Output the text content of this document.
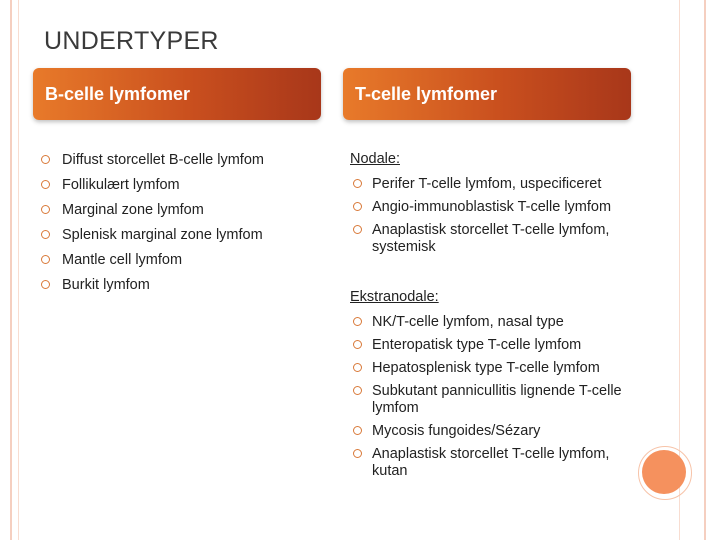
UNDERTYPER
B-celle lymfomer	T-celle lymfomer
Diffust storcellet B-celle lymfom
Follikulært lymfom
Marginal zone lymfom
Splenisk marginal zone lymfom
Mantle cell lymfom
Burkit lymfom
Nodale:
Perifer T-celle lymfom, uspecificeret
Angio-immunoblastisk T-celle lymfom
Anaplastisk storcellet T-celle lymfom, systemisk
Ekstranodale:
NK/T-celle lymfom, nasal type
Enteropatisk type T-celle lymfom
Hepatosplenisk type T-celle lymfom
Subkutant pannicullitis lignende T-celle lymfom
Mycosis fungoides/Sézary
Anaplastisk storcellet T-celle lymfom, kutan
